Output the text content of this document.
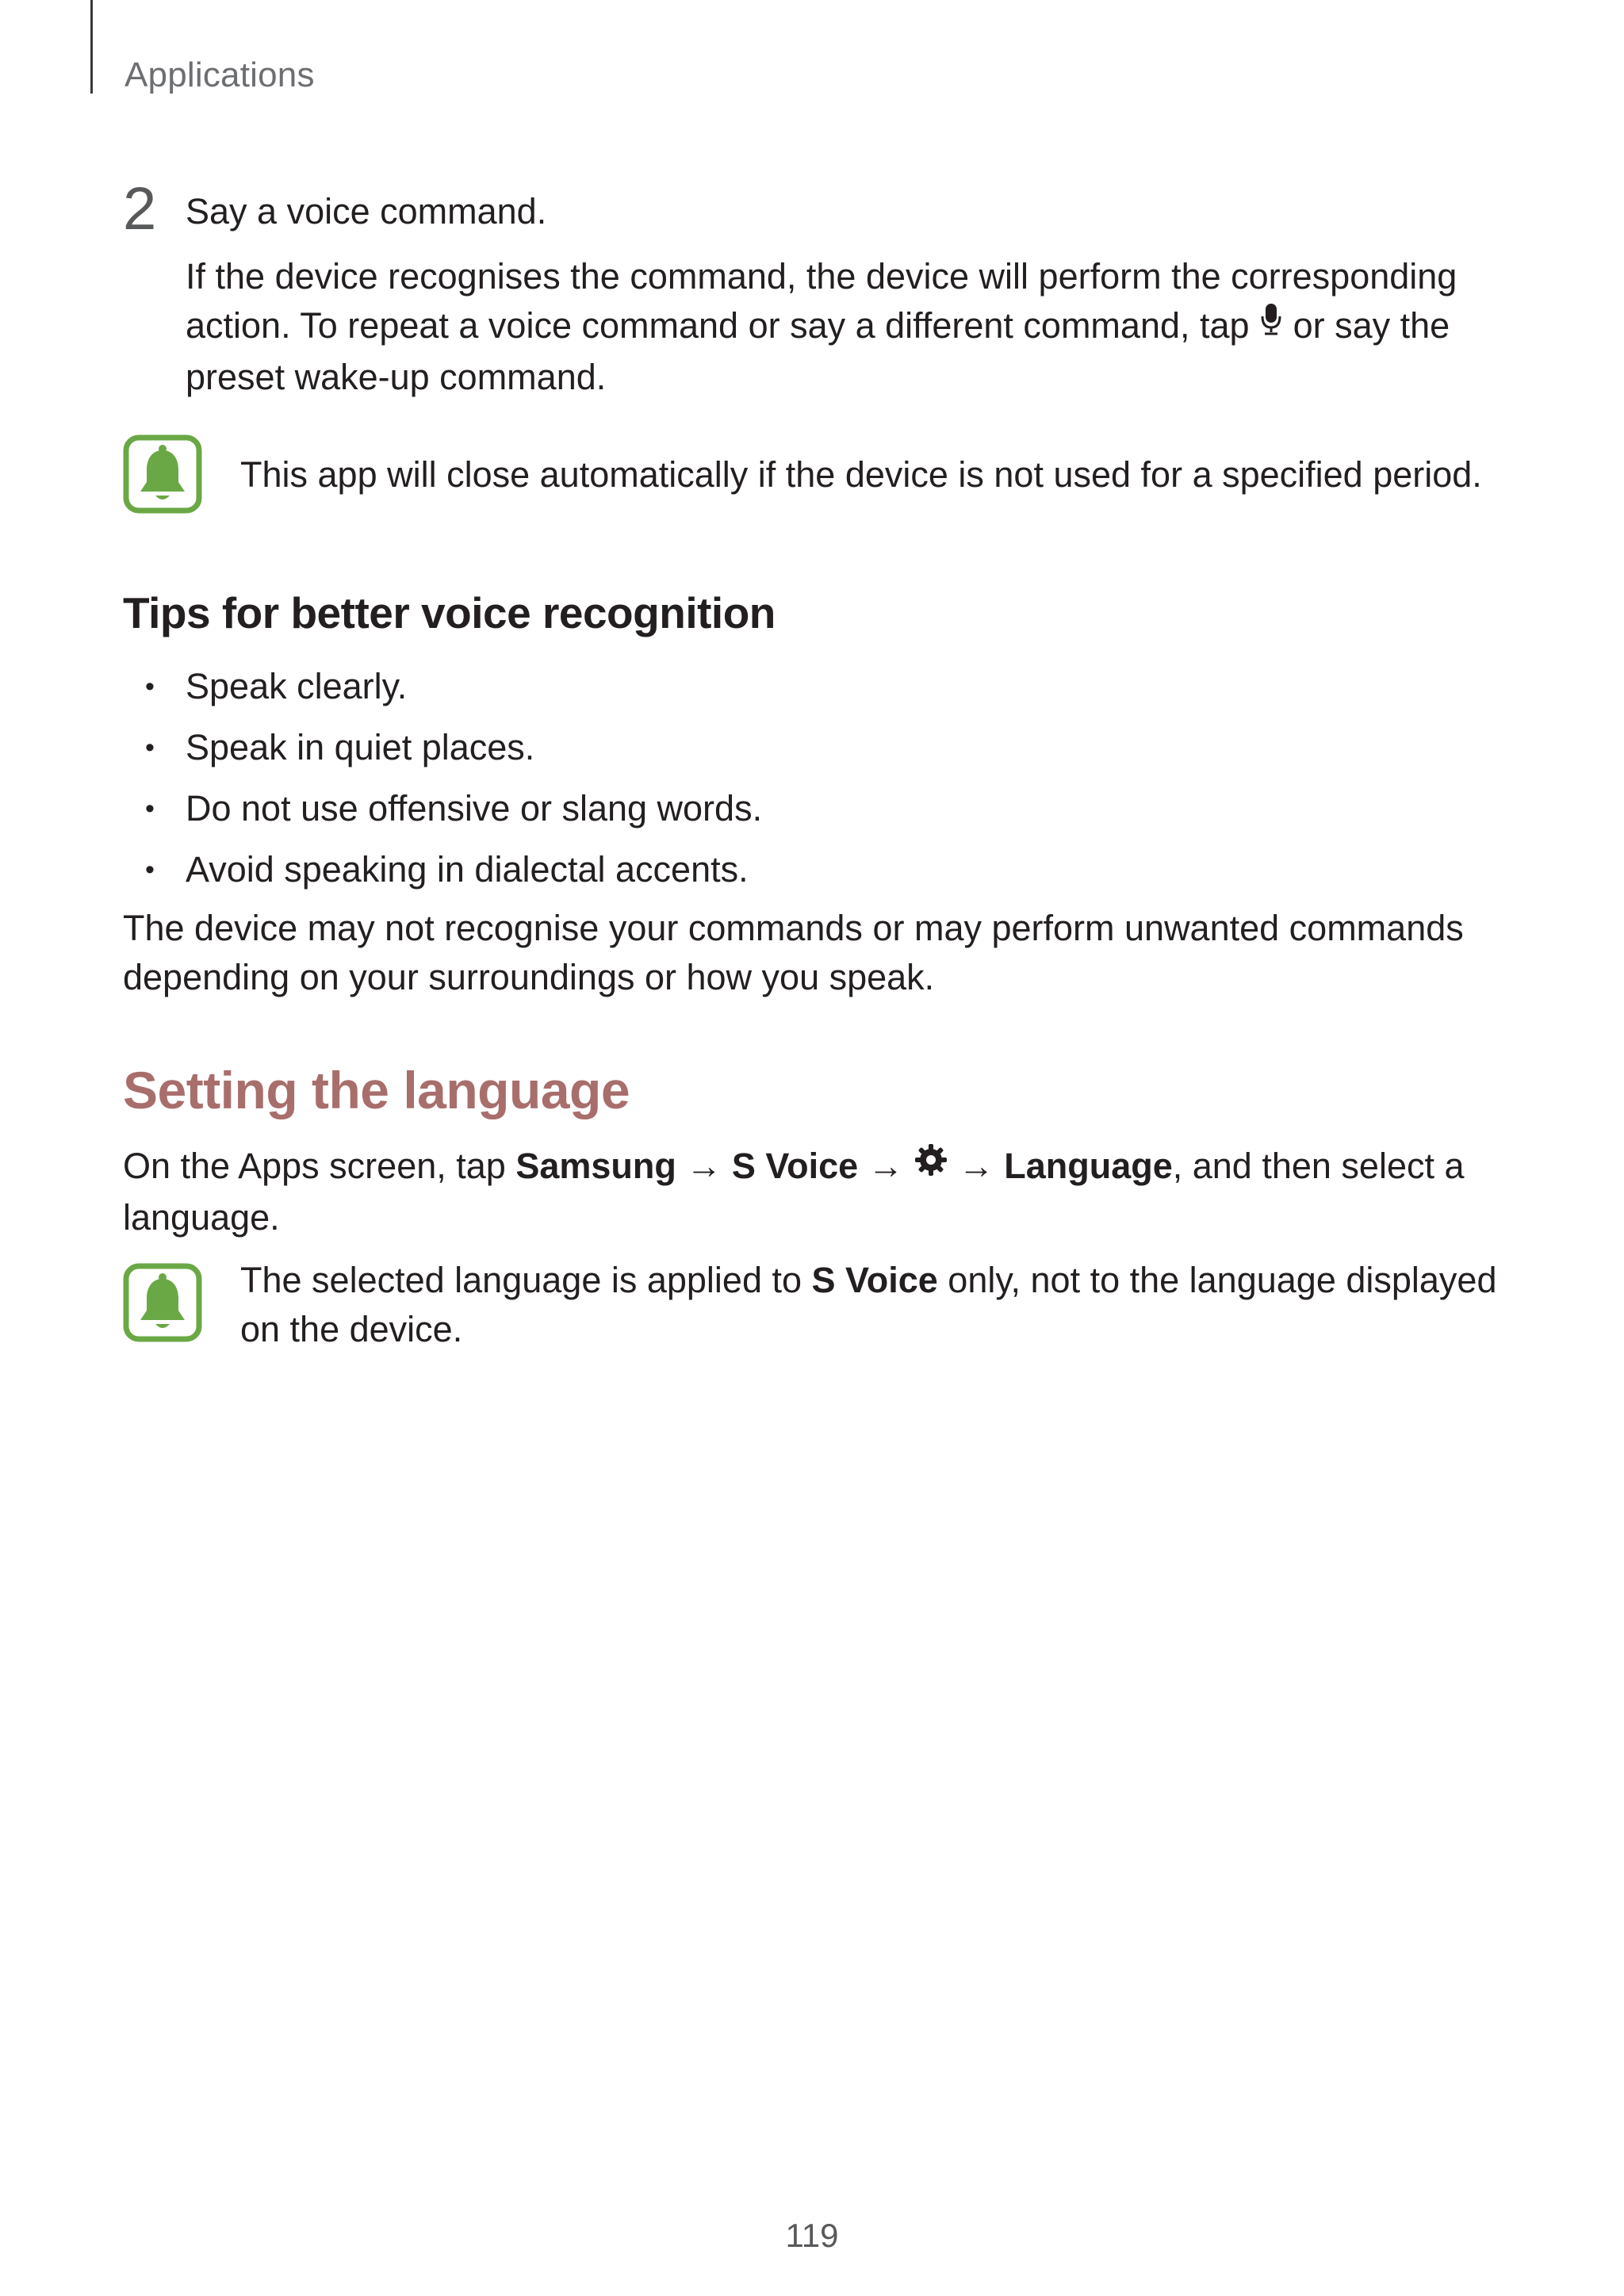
Applications
2 Say a voice command.
If the device recognises the command, the device will perform the corresponding action. To repeat a voice command or say a different command, tap or say the preset wake-up command.
This app will close automatically if the device is not used for a specified period.
Tips for better voice recognition
• Speak clearly.
• Speak in quiet places.
• Do not use offensive or slang words.
• Avoid speaking in dialectal accents.
The device may not recognise your commands or may perform unwanted commands depending on your surroundings or how you speak.
Setting the language
On the Apps screen, tap Samsung → S Voice → → Language, and then select a language.
The selected language is applied to S Voice only, not to the language displayed on the device.
119
